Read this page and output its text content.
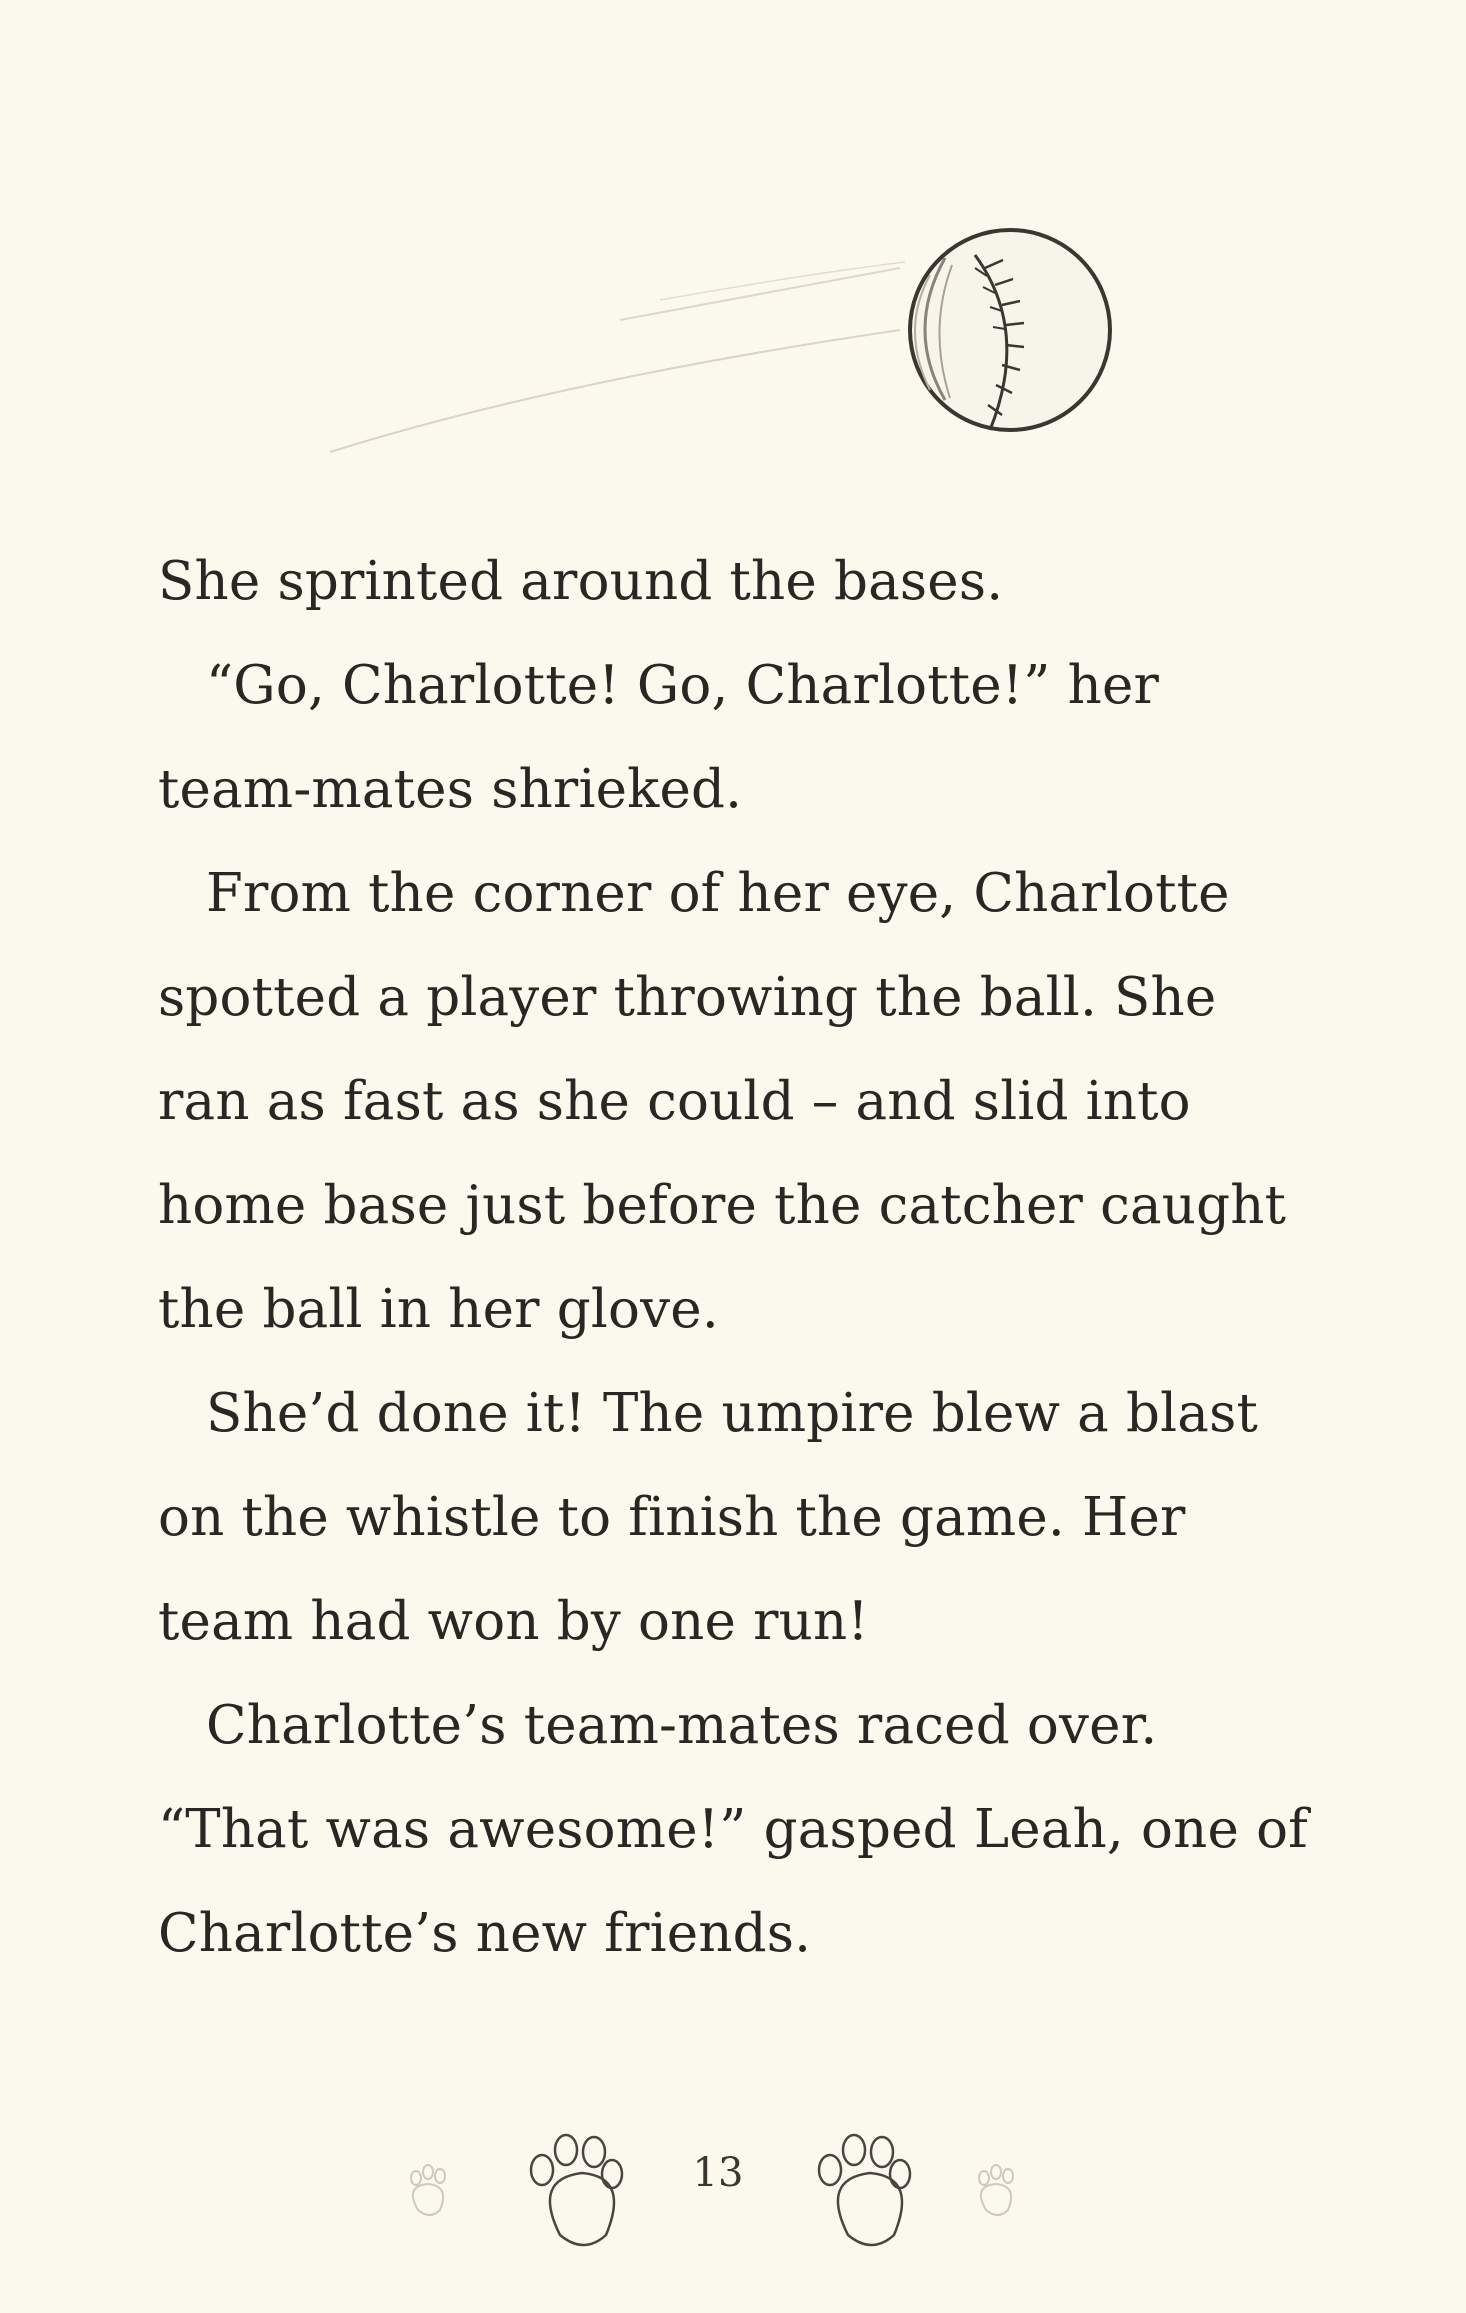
She sprinted around the bases.

“Go, Charlotte! Go, Charlotte!” her team-mates shrieked.

From the corner of her eye, Charlotte spotted a player throwing the ball. She ran as fast as she could – and slid into home base just before the catcher caught the ball in her glove.

She’d done it! The umpire blew a blast on the whistle to finish the game. Her team had won by one run!

Charlotte’s team-mates raced over.

“That was awesome!” gasped Leah, one of Charlotte’s new friends.

13
